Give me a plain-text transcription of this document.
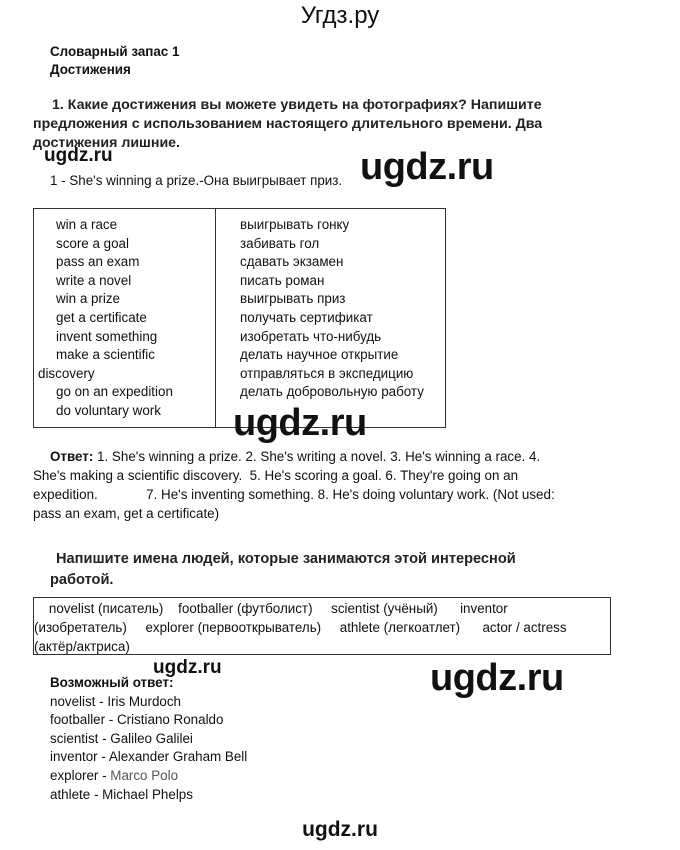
Угдз.ру
Словарный запас 1
Достижения
1. Какие достижения вы можете увидеть на фотографиях? Напишите
предложения с использованием настоящего длительного времени. Два
достижения лишние.
ugdz.ru	ugdz.ru
1 - She's winning a prize.-Она выигрывает приз.
win a race
score a goal
pass an exam
write a novel
win a prize
get a certificate
invent something
make a scientific
discovery
go on an expedition
do voluntary work
выигрывать гонку
забивать гол
сдавать экзамен
писать роман
выигрывать приз
получать сертификат
изобретать что-нибудь
делать научное открытие
отправляться в экспедицию
делать добровольную работу
ugdz.ru
Ответ: 1. She's winning a prize. 2. She's writing a novel. 3. He's winning a race. 4.
She's making a scientific discovery.  5. He's scoring a goal. 6. They're going on an
expedition.             7. He's inventing something. 8. He's doing voluntary work. (Not used:
pass an exam, get a certificate)
Напишите имена людей, которые занимаются этой интересной
работой.
novelist (писатель)    footballer (футболист)     scientist (учёный)      inventor
(изобретатель)     explorer (первооткрыватель)     athlete (легкоатлет)      actor / actress
(актёр/актриса)
ugdz.ru	ugdz.ru
Возможный ответ:
novelist - Iris Murdoch
footballer - Cristiano Ronaldo
scientist - Galileo Galilei
inventor - Alexander Graham Bell
explorer - Marco Polo
athlete - Michael Phelps
ugdz.ru
